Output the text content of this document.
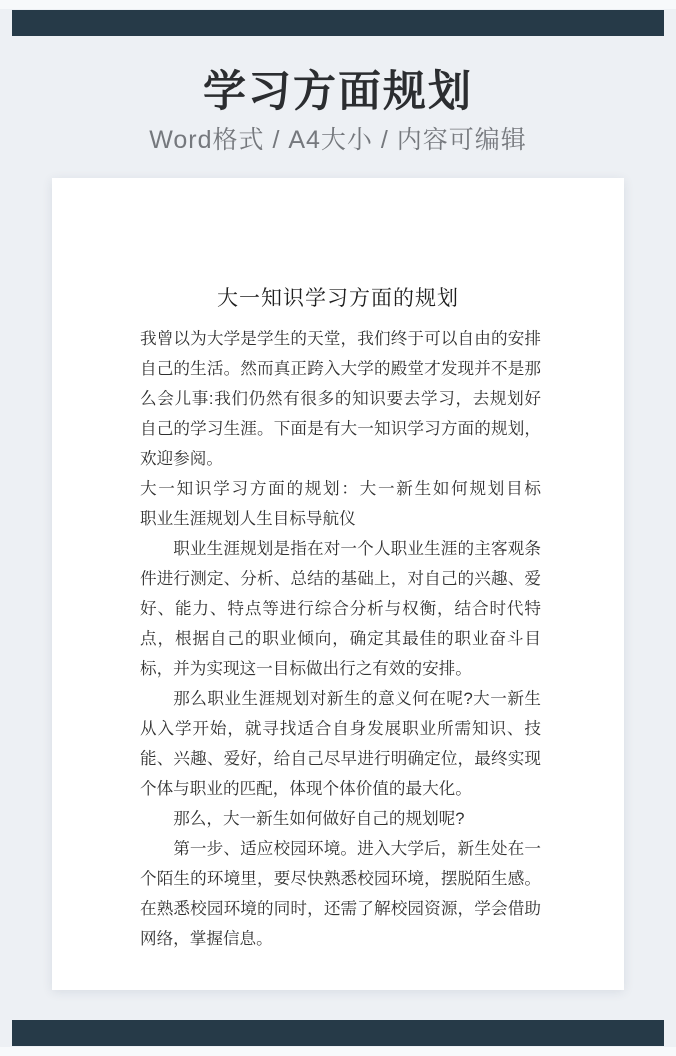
学习方面规划
Word格式 / A4大小 / 内容可编辑
大一知识学习方面的规划

我曾以为大学是学生的天堂，我们终于可以自由的安排自己的生活。然而真正跨入大学的殿堂才发现并不是那么会儿事:我们仍然有很多的知识要去学习，去规划好自己的学习生涯。下面是有大一知识学习方面的规划，欢迎参阅。

大一知识学习方面的规划：大一新生如何规划目标　　职业生涯规划人生目标导航仪

职业生涯规划是指在对一个人职业生涯的主客观条件进行测定、分析、总结的基础上，对自己的兴趣、爱好、能力、特点等进行综合分析与权衡，结合时代特点，根据自己的职业倾向，确定其最佳的职业奋斗目标，并为实现这一目标做出行之有效的安排。

那么职业生涯规划对新生的意义何在呢?大一新生从入学开始，就寻找适合自身发展职业所需知识、技能、兴趣、爱好，给自己尽早进行明确定位，最终实现个体与职业的匹配，体现个体价值的最大化。

那么，大一新生如何做好自己的规划呢?

第一步、适应校园环境。进入大学后，新生处在一个陌生的环境里，要尽快熟悉校园环境，摆脱陌生感。在熟悉校园环境的同时，还需了解校园资源，学会借助网络，掌握信息。
